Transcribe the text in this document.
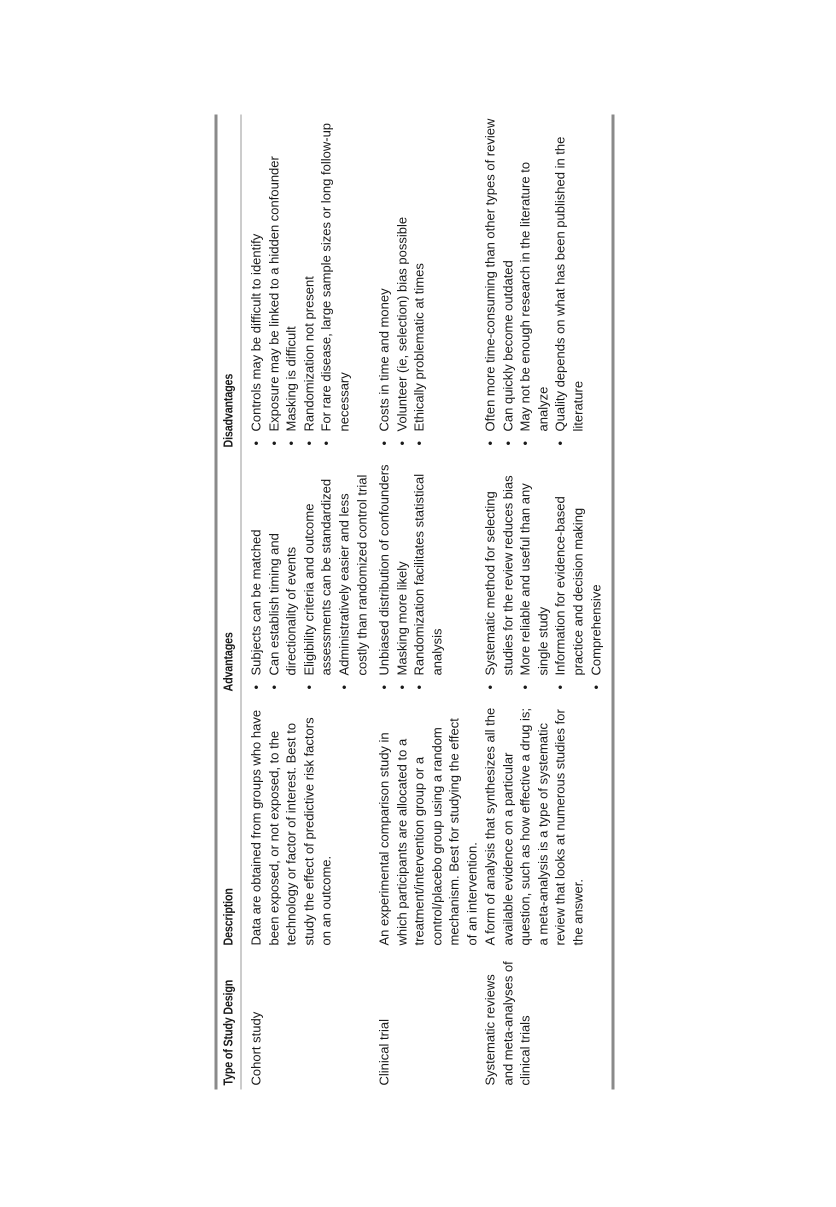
Type of Study Design
Description
Advantages
Disadvantages
Cohort study
Data are obtained from groups who have been exposed, or not exposed, to the technology or factor of interest. Best to study the effect of predictive risk factors on an outcome.
• Subjects can be matched • Can establish timing and directionality of events • Eligibility criteria and outcome assessments can be standardized • Administratively easier and less costly than randomized control trial
• Controls may be difficult to identify • Exposure may be linked to a hidden confounder • Masking is difficult • Randomization not present • For rare disease, large sample sizes or long follow-up necessary
Clinical trial
An experimental comparison study in which participants are allocated to a treatment/intervention group or a control/placebo group using a random mechanism. Best for studying the effect of an intervention.
• Unbiased distribution of confounders • Masking more likely • Randomization facilitates statistical analysis
• Costs in time and money • Volunteer (ie, selection) bias possible • Ethically problematic at times
Systematic reviews and meta-analyses of clinical trials
A form of analysis that synthesizes all the available evidence on a particular question, such as how effective a drug is; a meta-analysis is a type of systematic review that looks at numerous studies for the answer.
• Systematic method for selecting studies for the review reduces bias • More reliable and useful than any single study • Information for evidence-based practice and decision making • Comprehensive
• Often more time-consuming than other types of review • Can quickly become outdated • May not be enough research in the literature to analyze • Quality depends on what has been published in the literature
